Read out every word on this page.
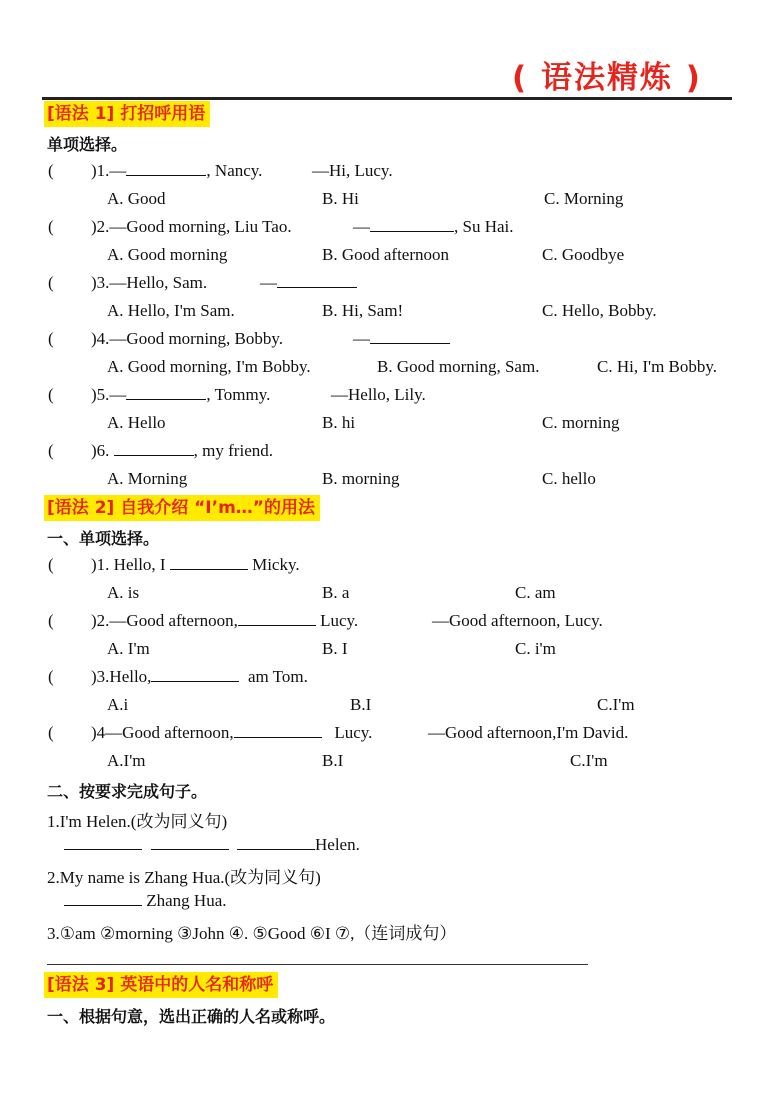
( 语法精炼 )
[语法 1] 打招呼用语
单项选择。
( )1.—	, Nancy.	—Hi, Lucy.
A. Good	B. Hi	C. Morning
( )2.—Good morning, Liu Tao.	—	, Su Hai.
A. Good morning	B. Good afternoon	C. Goodbye
( )3.—Hello, Sam.	—
A. Hello, I'm Sam.	B. Hi, Sam!	C. Hello, Bobby.
( )4.—Good morning, Bobby.	—
A. Good morning, I'm Bobby.	B. Good morning, Sam.	C. Hi, I'm Bobby.
( )5.—	, Tommy.	—Hello, Lily.
A. Hello	B. hi	C. morning
( )6.	, my friend.
A. Morning	B. morning	C. hello
[语法 2] 自我介绍 “I’m…”的用法
一、单项选择。
( )1. Hello, I	Micky.
A. is	B. a	C. am
( )2.—Good afternoon,	Lucy.	—Good afternoon, Lucy.
A. I'm	B. I	C. i'm
( )3.Hello,	am Tom.
A.i	B.I	C.I'm
( )4—Good afternoon,	Lucy.	—Good afternoon,I'm David.
A.I'm	B.I	C.I'm
二、按要求完成句子。
1.I'm Helen.(改为同义句)
Helen.
2.My name is Zhang Hua.(改为同义句)
Zhang Hua.
3.①am ②morning ③John ④. ⑤Good ⑥I ⑦,（连词成句）
[语法 3] 英语中的人名和称呼
一、根据句意，选出正确的人名或称呼。
